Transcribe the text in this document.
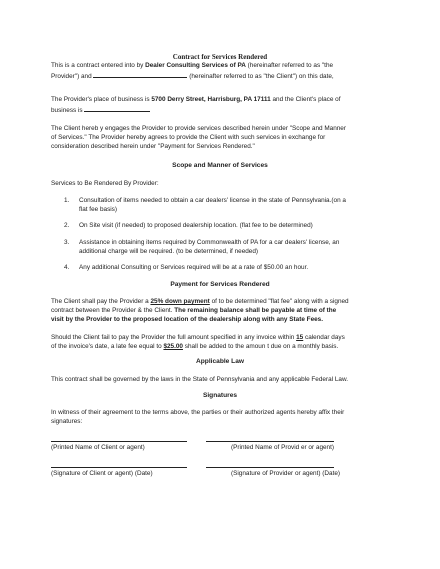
Contract for Services Rendered
This is a contract entered into by Dealer Consulting Services of PA (hereinafter referred to as "the
Provider") and	(hereinafter referred to as "the Client") on this date,
The Provider's place of business is 5700 Derry Street, Harrisburg, PA 17111 and the Client's place of
business is
The Client hereb y engages the Provider to provide services described herein under "Scope and Manner
of Services." The Provider hereby agrees to provide the Client with such services in exchange for
consideration described herein under "Payment for Services Rendered."
Scope and Manner of Services
Services to Be Rendered By Provider:
1. Consultation of items needed to obtain a car dealers' license in the state of Pennsylvania.(on a
flat fee basis)
2. On Site visit (if needed) to proposed dealership location. (flat fee to be determined)
3. Assistance in obtaining items required by Commonwealth of PA for a car dealers' license, an
additional charge will be required. (to be determined, if needed)
4. Any additional Consulting or Services required will be at a rate of $50.00 an hour.
Payment for Services Rendered
The Client shall pay the Provider a 25% down payment of to be determined "flat fee" along with a signed
contract between the Provider & the Client. The remaining balance shall be payable at time of the
visit by the Provider to the proposed location of the dealership along with any State Fees.
Should the Client fail to pay the Provider the full amount specified in any invoice within 15 calendar days
of the invoice's date, a late fee equal to $25.00 shall be added to the amoun t due on a monthly basis.
Applicable Law
This contract shall be governed by the laws in the State of Pennsylvania and any applicable Federal Law.
Signatures
In witness of their agreement to the terms above, the parties or their authorized agents hereby affix their
signatures:
(Printed Name of Client or agent)	(Printed Name of Provid er or agent)
(Signature of Client or agent) (Date)	(Signature of Provider or agent) (Date)
